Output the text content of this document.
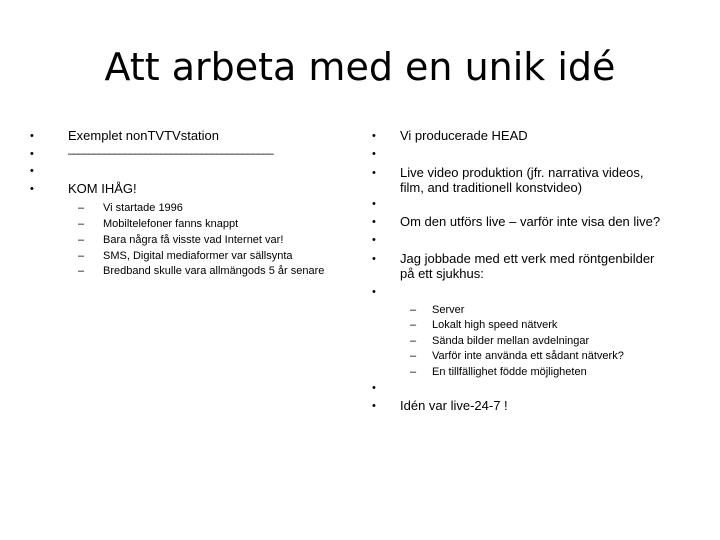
Att arbeta med en unik idé
•	Exemplet nonTVTVstation
•	––––––––––––––––––––––––––––––––––––––––
•
•	KOM IHÅG!
– Vi startade 1996
– Mobiltelefoner fanns knappt
– Bara några få visste vad Internet var!
– SMS, Digital mediaformer var sällsynta
– Bredband skulle vara allmängods 5 år senare
• Vi producerade HEAD
•
• Live video produktion (jfr. narrativa videos,
film, and traditionell konstvideo)
•
• Om den utförs live – varför inte visa den live?
•
• Jag jobbade med ett verk med röntgenbilder
på ett sjukhus:
•
– Server
– Lokalt high speed nätverk
– Sända bilder mellan avdelningar
– Varför inte använda ett sådant nätverk?
– En tillfällighet födde möjligheten
•
• Idén var live-24-7 !
